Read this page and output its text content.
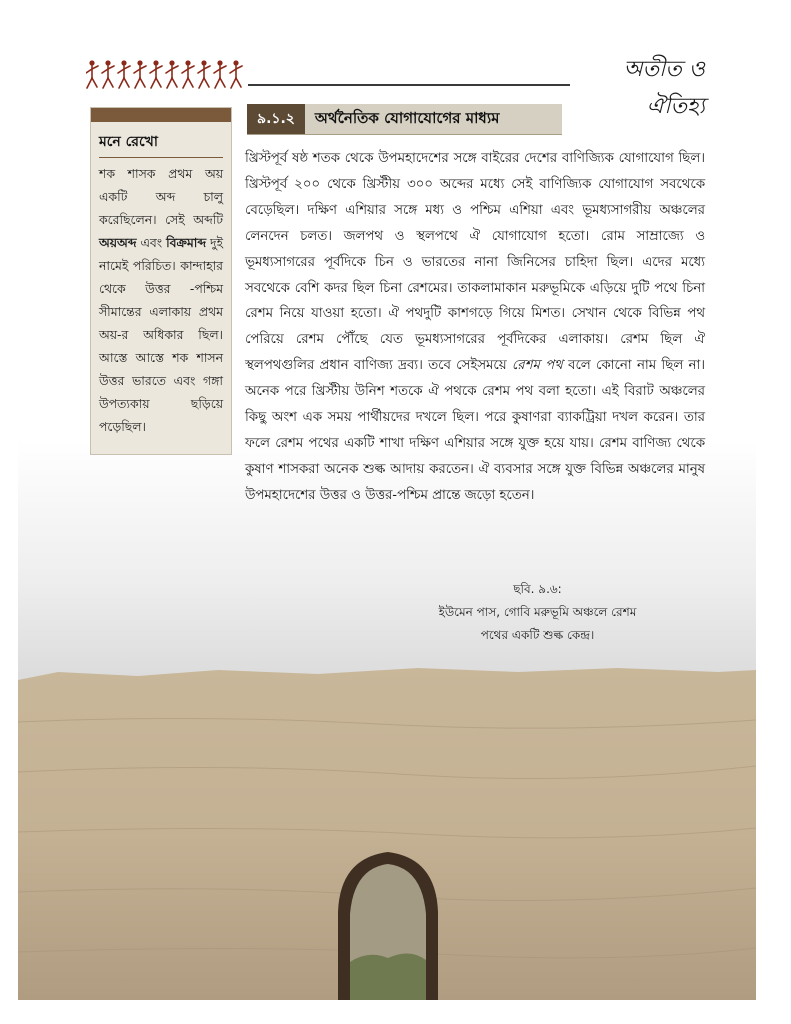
অতীত ও ঐতিহ্য
মনে রেখো
শক শাসক প্রথম অয় একটি অব্দ চালু করেছিলেন। সেই অব্দটি অয়অব্দ এবং বিক্রমাব্দ দুই নামেই পরিচিত। কান্দাহার থেকে উত্তর -পশ্চিম সীমান্তের এলাকায় প্রথম অয়-র অধিকার ছিল। আস্তে আস্তে শক শাসন উত্তর ভারতে এবং গঙ্গা উপত্যকায় ছড়িয়ে পড়েছিল।
৯.১.২	অর্থনৈতিক যোগাযোগের মাধ্যম
খ্রিস্টপূর্ব ষষ্ঠ শতক থেকে উপমহাদেশের সঙ্গে বাইরের দেশের বাণিজ্যিক যোগাযোগ ছিল। খ্রিস্টপূর্ব ২০০ থেকে খ্রিস্টীয় ৩০০ অব্দের মধ্যে সেই বাণিজ্যিক যোগাযোগ সবথেকে বেড়েছিল। দক্ষিণ এশিয়ার সঙ্গে মধ্য ও পশ্চিম এশিয়া এবং ভূমধ্যসাগরীয় অঞ্চলের লেনদেন চলত। জলপথ ও স্থলপথে ঐ যোগাযোগ হতো। রোম সাম্রাজ্যে ও ভূমধ্যসাগরের পূর্বদিকে চিন ও ভারতের নানা জিনিসের চাহিদা ছিল। এদের মধ্যে সবথেকে বেশি কদর ছিল চিনা রেশমের। তাকলামাকান মরুভূমিকে এড়িয়ে দুটি পথে চিনা রেশম নিয়ে যাওয়া হতো। ঐ পথদুটি কাশগড়ে গিয়ে মিশত। সেখান থেকে বিভিন্ন পথ পেরিয়ে রেশম পৌঁছে যেত ভূমধ্যসাগরের পূর্বদিকের এলাকায়। রেশম ছিল ঐ স্থলপথগুলির প্রধান বাণিজ্য দ্রব্য। তবে সেইসময়ে রেশম পথ বলে কোনো নাম ছিল না। অনেক পরে খ্রিস্টীয় উনিশ শতকে ঐ পথকে রেশম পথ বলা হতো। এই বিরাট অঞ্চলের কিছু অংশ এক সময় পার্থীয়দের দখলে ছিল। পরে কুষাণরা ব্যাকট্রিয়া দখল করেন। তার ফলে রেশম পথের একটি শাখা দক্ষিণ এশিয়ার সঙ্গে যুক্ত হয়ে যায়। রেশম বাণিজ্য থেকে কুষাণ শাসকরা অনেক শুল্ক আদায় করতেন। ঐ ব্যবসার সঙ্গে যুক্ত বিভিন্ন অঞ্চলের মানুষ উপমহাদেশের উত্তর ও উত্তর-পশ্চিম প্রান্তে জড়ো হতেন।
ছবি. ৯.৬:
ইউমেন পাস, গোবি মরুভূমি অঞ্চলে রেশম
পথের একটি শুল্ক কেন্দ্র।
